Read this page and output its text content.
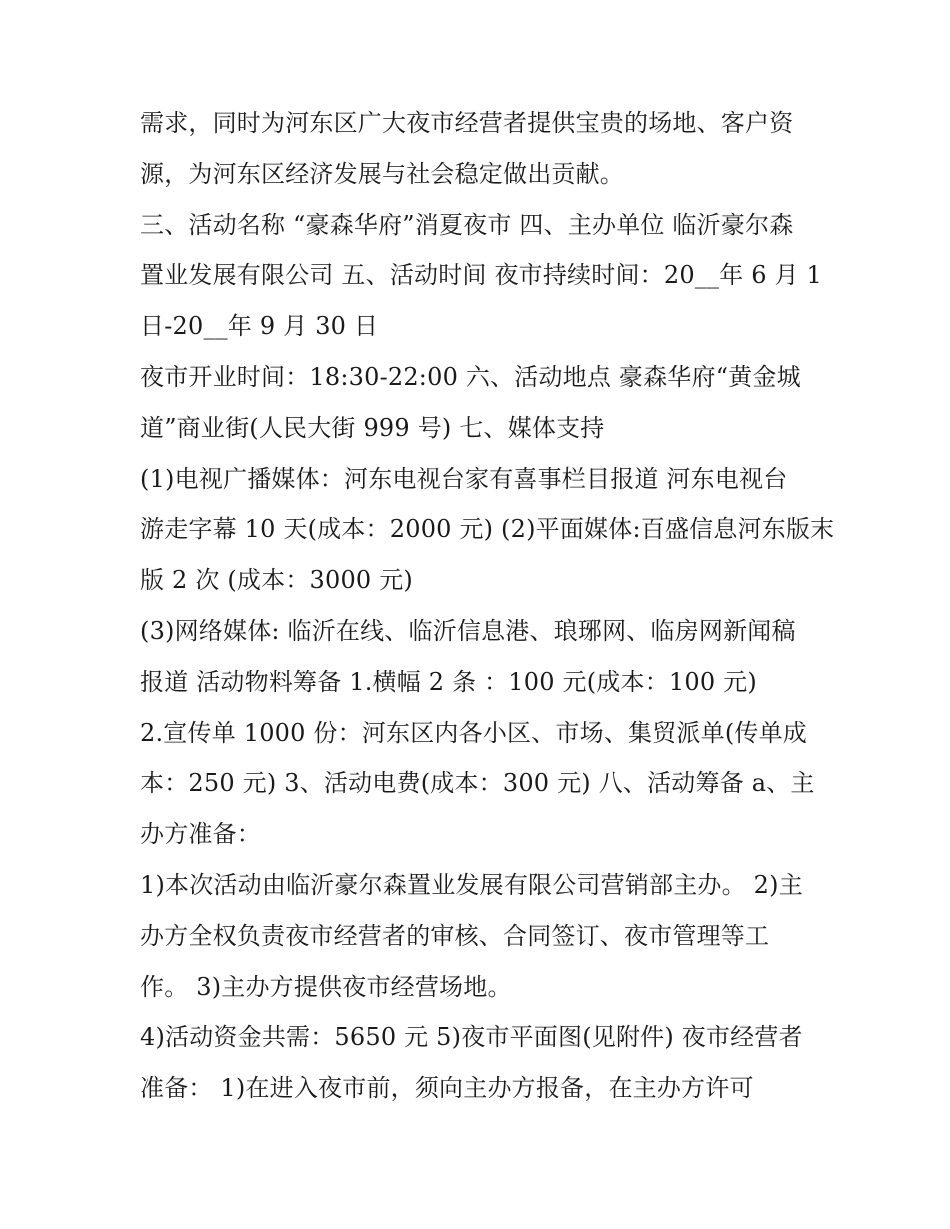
需求，同时为河东区广大夜市经营者提供宝贵的场地、客户资
源，为河东区经济发展与社会稳定做出贡献。
三、活动名称 “豪森华府”消夏夜市 四、主办单位 临沂豪尔森
置业发展有限公司 五、活动时间 夜市持续时间：20__年 6 月 1
日-20__年 9 月 30 日
夜市开业时间：18:30-22:00 六、活动地点 豪森华府“黄金城
道”商业街(人民大街 999 号) 七、媒体支持
(1)电视广播媒体：河东电视台家有喜事栏目报道 河东电视台
游走字幕 10 天(成本：2000 元) (2)平面媒体:百盛信息河东版末
版 2 次 (成本：3000 元)
(3)网络媒体: 临沂在线、临沂信息港、琅琊网、临房网新闻稿
报道 活动物料筹备 1.横幅 2 条 ：100 元(成本：100 元)
2.宣传单 1000 份：河东区内各小区、市场、集贸派单(传单成
本：250 元) 3、活动电费(成本：300 元) 八、活动筹备 a、主
办方准备：
1)本次活动由临沂豪尔森置业发展有限公司营销部主办。 2)主
办方全权负责夜市经营者的审核、合同签订、夜市管理等工
作。 3)主办方提供夜市经营场地。
4)活动资金共需：5650 元 5)夜市平面图(见附件) 夜市经营者
准备： 1)在进入夜市前，须向主办方报备，在主办方许可
